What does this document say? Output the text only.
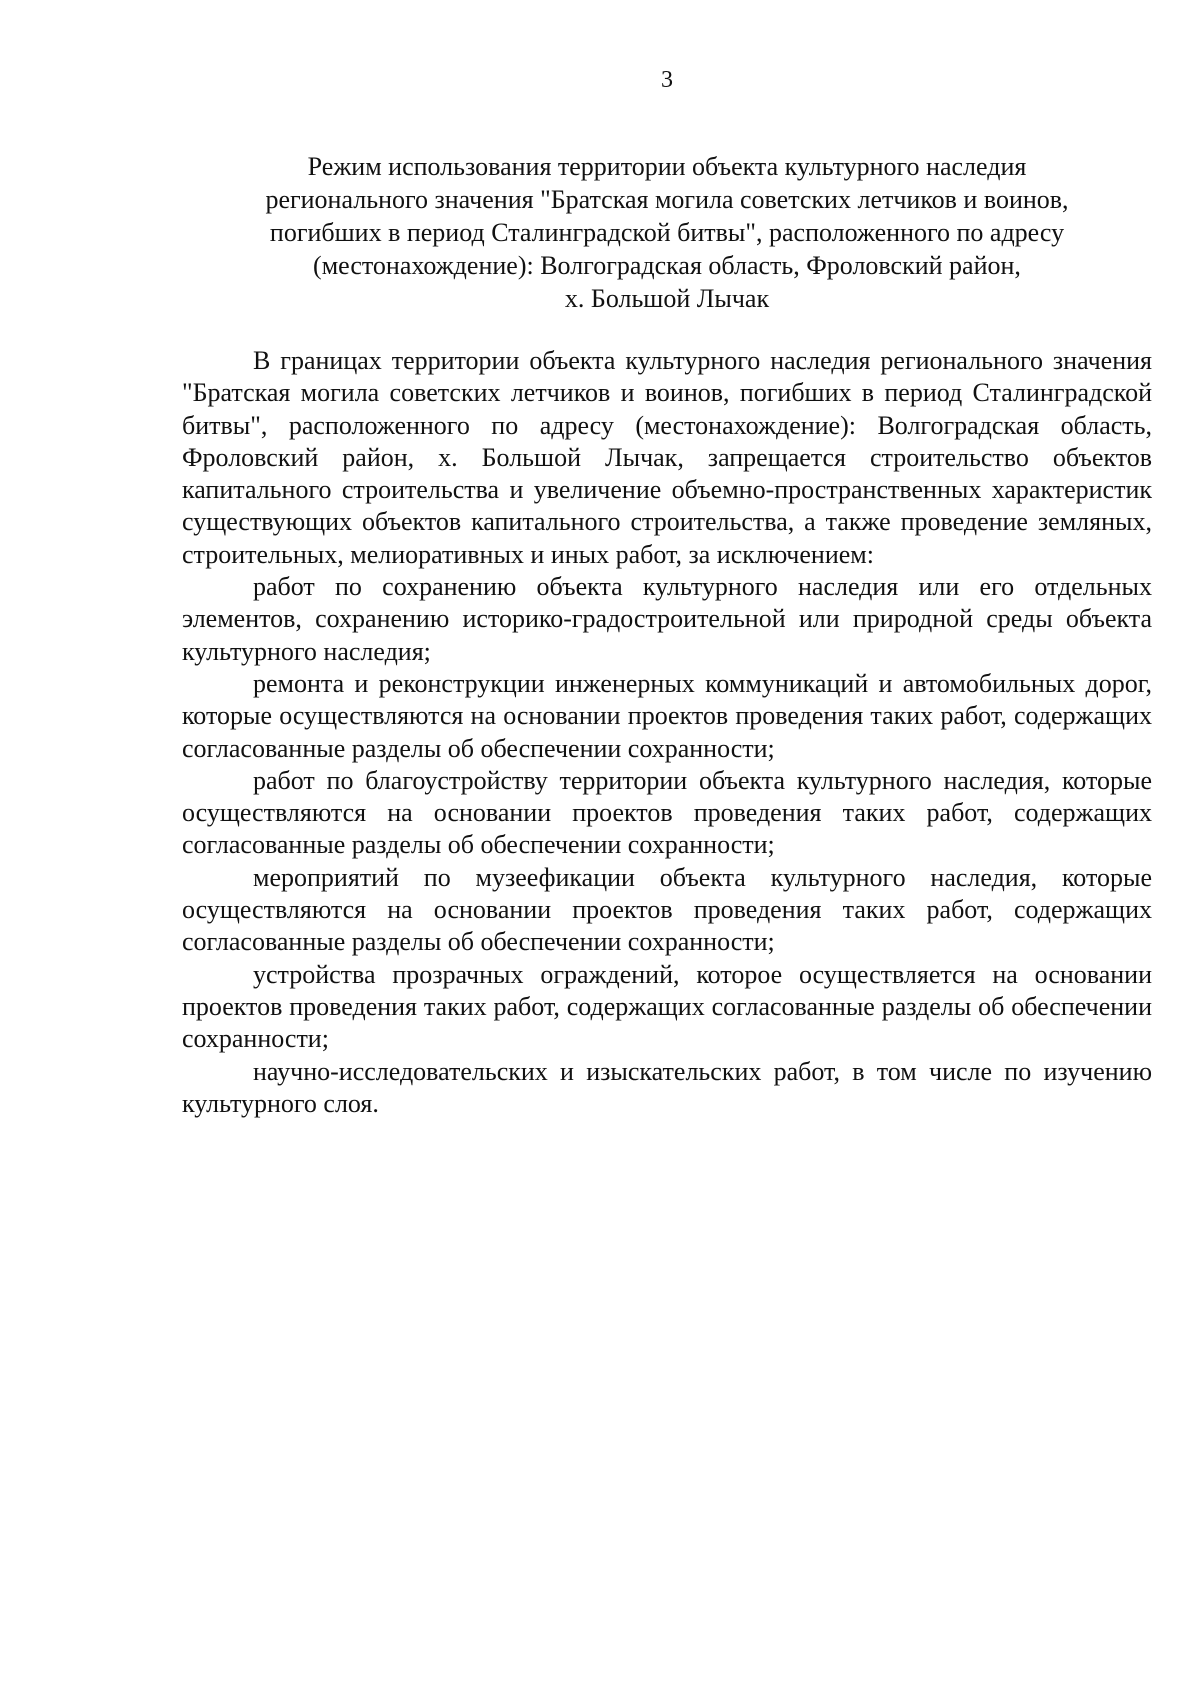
3
Режим использования территории объекта культурного наследия
регионального значения "Братская могила советских летчиков и воинов,
погибших в период Сталинградской битвы", расположенного по адресу
(местонахождение): Волгоградская область, Фроловский район,
х. Большой Лычак

В границах территории объекта культурного наследия регионального значения "Братская могила советских летчиков и воинов, погибших в период Сталинградской битвы", расположенного по адресу (местонахождение): Волгоградская область, Фроловский район, х. Большой Лычак, запрещается строительство объектов капитального строительства и увеличение объемно-пространственных характеристик существующих объектов капитального строительства, а также проведение земляных, строительных, мелиоративных и иных работ, за исключением:

работ по сохранению объекта культурного наследия или его отдельных элементов, сохранению историко-градостроительной или природной среды объекта культурного наследия;

ремонта и реконструкции инженерных коммуникаций и автомобильных дорог, которые осуществляются на основании проектов проведения таких работ, содержащих согласованные разделы об обеспечении сохранности;

работ по благоустройству территории объекта культурного наследия, которые осуществляются на основании проектов проведения таких работ, содержащих согласованные разделы об обеспечении сохранности;

мероприятий по музеефикации объекта культурного наследия, которые осуществляются на основании проектов проведения таких работ, содержащих согласованные разделы об обеспечении сохранности;

устройства прозрачных ограждений, которое осуществляется на основании проектов проведения таких работ, содержащих согласованные разделы об обеспечении сохранности;

научно-исследовательских и изыскательских работ, в том числе по изучению культурного слоя.
